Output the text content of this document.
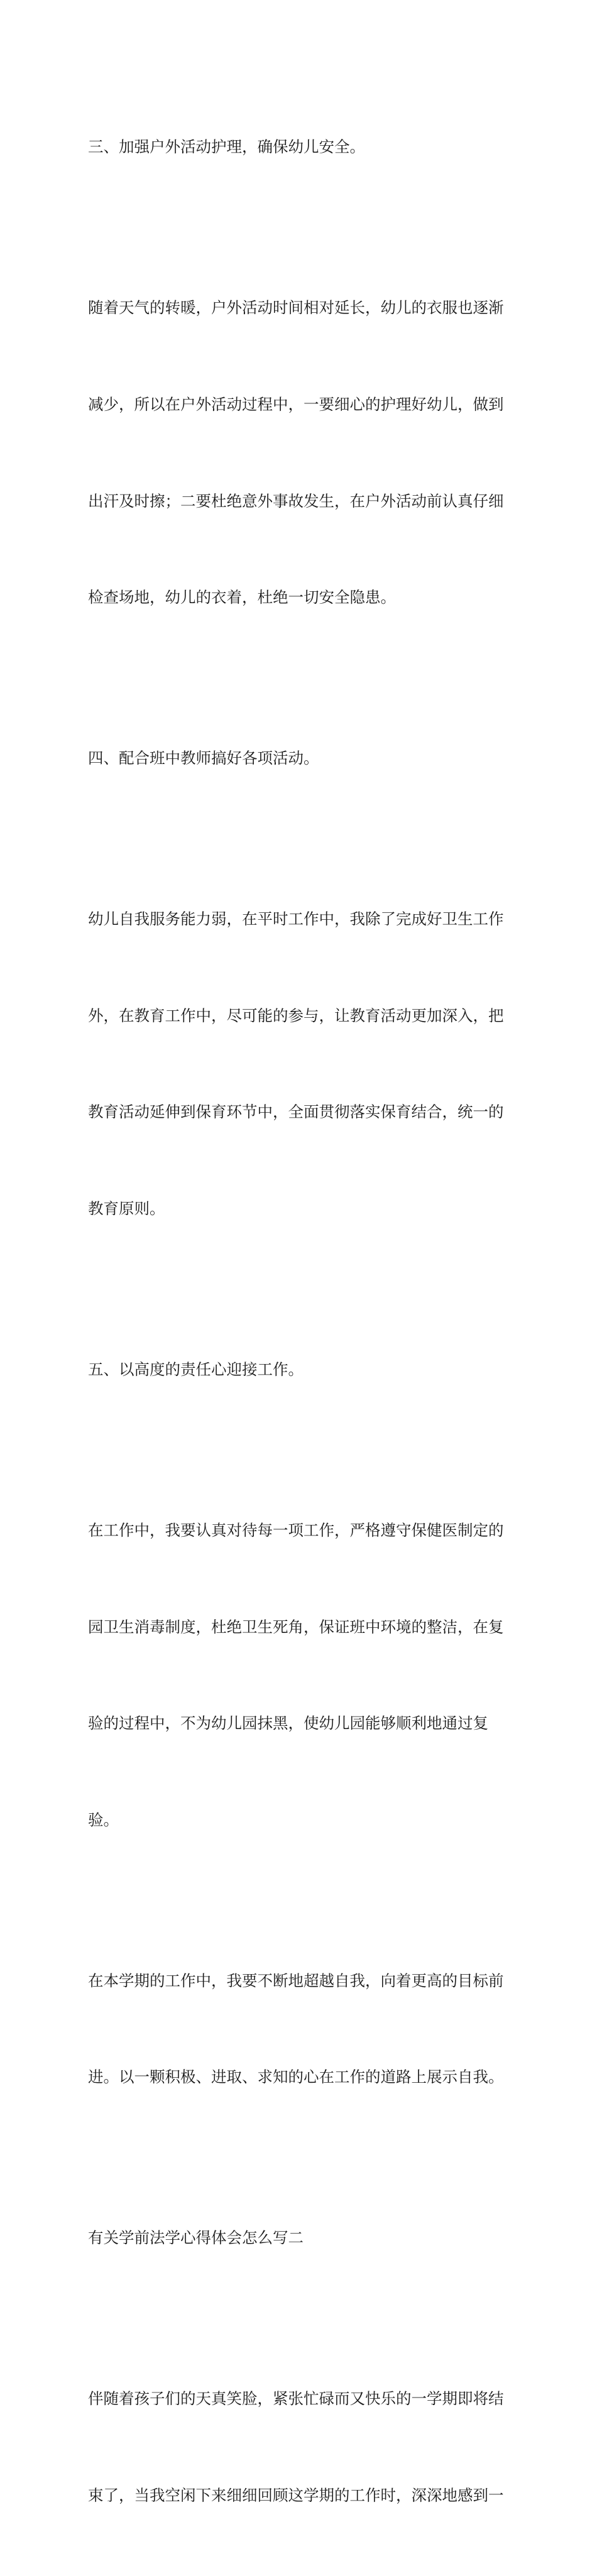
三、加强户外活动护理，确保幼儿安全。

随着天气的转暖，户外活动时间相对延长，幼儿的衣服也逐渐

减少，所以在户外活动过程中，一要细心的护理好幼儿，做到

出汗及时擦；二要杜绝意外事故发生，在户外活动前认真仔细

检查场地，幼儿的衣着，杜绝一切安全隐患。

四、配合班中教师搞好各项活动。

幼儿自我服务能力弱，在平时工作中，我除了完成好卫生工作

外，在教育工作中，尽可能的参与，让教育活动更加深入，把

教育活动延伸到保育环节中，全面贯彻落实保育结合，统一的

教育原则。

五、以高度的责任心迎接工作。

在工作中，我要认真对待每一项工作，严格遵守保健医制定的

园卫生消毒制度，杜绝卫生死角，保证班中环境的整洁，在复

验的过程中，不为幼儿园抹黑，使幼儿园能够顺利地通过复

验。

在本学期的工作中，我要不断地超越自我，向着更高的目标前

进。以一颗积极、进取、求知的心在工作的道路上展示自我。

有关学前法学心得体会怎么写二

伴随着孩子们的天真笑脸，紧张忙碌而又快乐的一学期即将结

束了，当我空闲下来细细回顾这学期的工作时，深深地感到一
